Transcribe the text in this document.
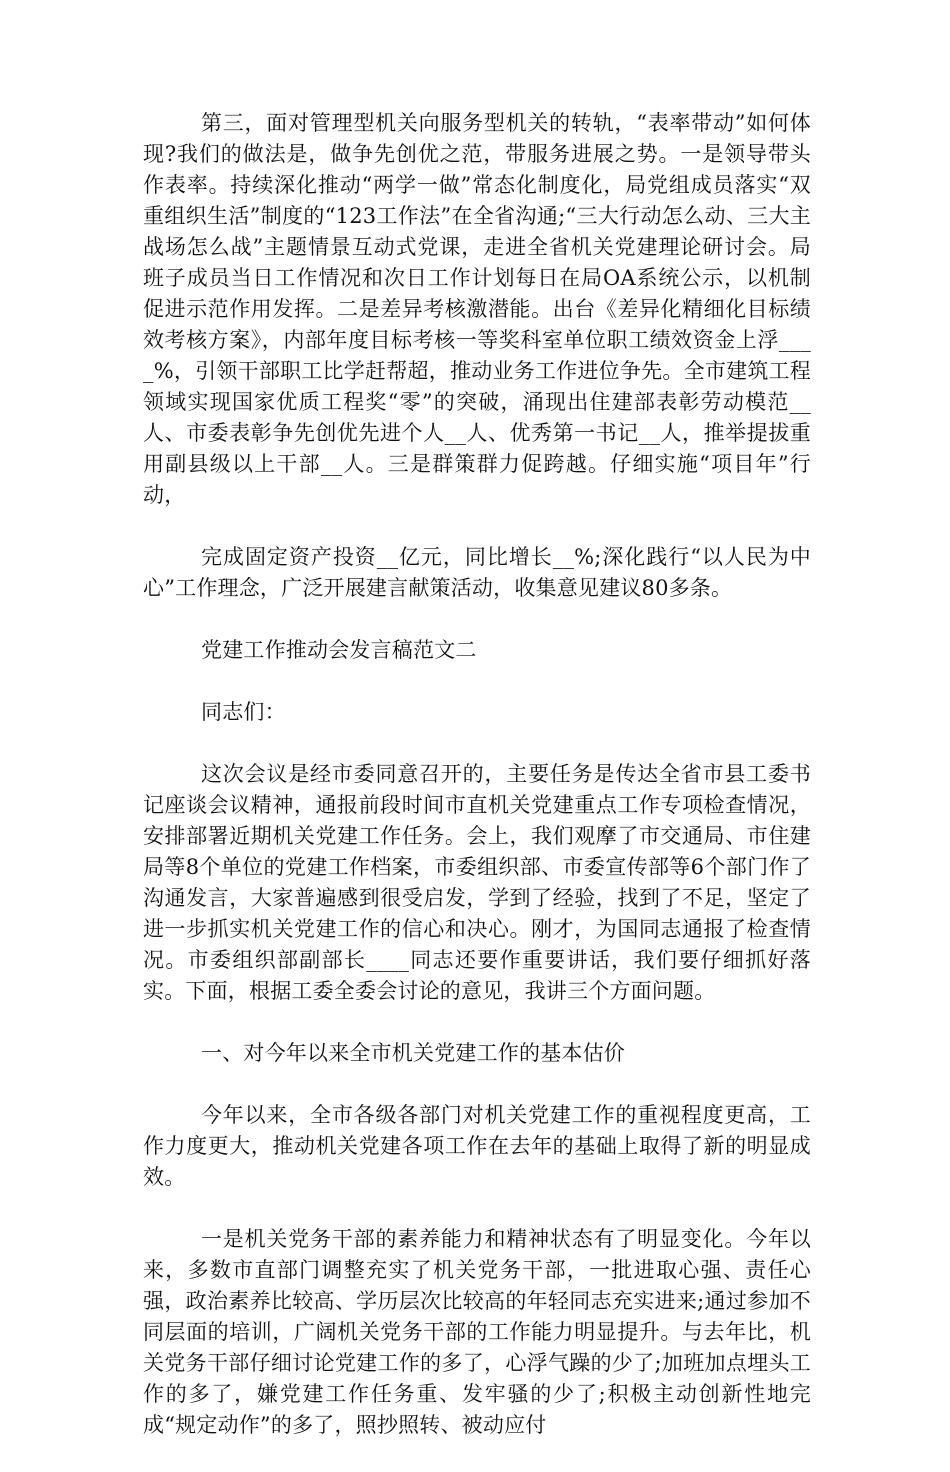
第三，面对管理型机关向服务型机关的转轨，“表率带动”如何体现?我们的做法是，做争先创优之范，带服务进展之势。一是领导带头作表率。持续深化推动“两学一做”常态化制度化，局党组成员落实“双重组织生活”制度的“123工作法”在全省沟通;“三大行动怎么动、三大主战场怎么战”主题情景互动式党课，走进全省机关党建理论研讨会。局班子成员当日工作情况和次日工作计划每日在局OA系统公示，以机制促进示范作用发挥。二是差异考核激潜能。出台《差异化精细化目标绩效考核方案》，内部年度目标考核一等奖科室单位职工绩效资金上浮____%，引领干部职工比学赶帮超，推动业务工作进位争先。全市建筑工程领域实现国家优质工程奖“零”的突破，涌现出住建部表彰劳动模范__人、市委表彰争先创优先进个人__人、优秀第一书记__人，推举提拔重用副县级以上干部__人。三是群策群力促跨越。仔细实施“项目年”行动，

完成固定资产投资__亿元，同比增长__%;深化践行“以人民为中心”工作理念，广泛开展建言献策活动，收集意见建议80多条。

党建工作推动会发言稿范文二

同志们：

这次会议是经市委同意召开的，主要任务是传达全省市县工委书记座谈会议精神，通报前段时间市直机关党建重点工作专项检查情况，安排部署近期机关党建工作任务。会上，我们观摩了市交通局、市住建局等8个单位的党建工作档案，市委组织部、市委宣传部等6个部门作了沟通发言，大家普遍感到很受启发，学到了经验，找到了不足，坚定了进一步抓实机关党建工作的信心和决心。刚才，为国同志通报了检查情况。市委组织部副部长____同志还要作重要讲话，我们要仔细抓好落实。下面，根据工委全委会讨论的意见，我讲三个方面问题。

一、对今年以来全市机关党建工作的基本估价

今年以来，全市各级各部门对机关党建工作的重视程度更高，工作力度更大，推动机关党建各项工作在去年的基础上取得了新的明显成效。

一是机关党务干部的素养能力和精神状态有了明显变化。今年以来，多数市直部门调整充实了机关党务干部，一批进取心强、责任心强，政治素养比较高、学历层次比较高的年轻同志充实进来;通过参加不同层面的培训，广阔机关党务干部的工作能力明显提升。与去年比，机关党务干部仔细讨论党建工作的多了，心浮气躁的少了;加班加点埋头工作的多了，嫌党建工作任务重、发牢骚的少了;积极主动创新性地完成“规定动作”的多了，照抄照转、被动应付
